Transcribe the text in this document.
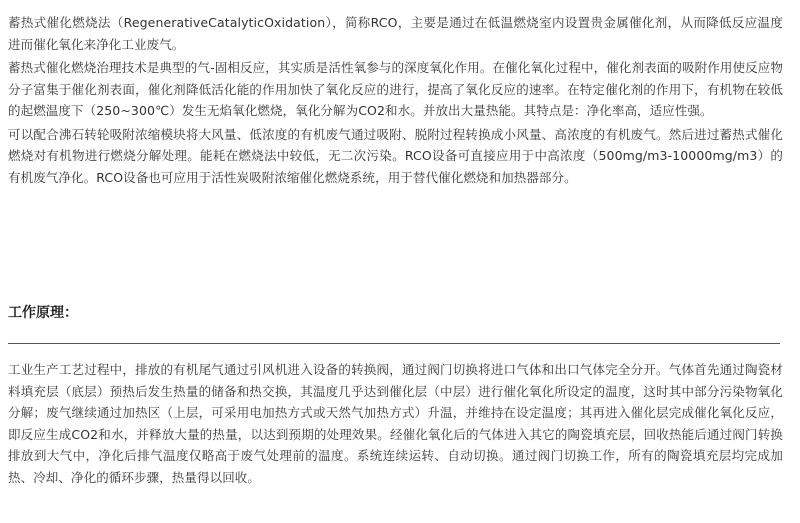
蓄热式催化燃烧法（RegenerativeCatalyticOxidation），简称RCO，主要是通过在低温燃烧室内设置贵金属催化剂，从而降低反应温度进而催化氧化来净化工业废气。

蓄热式催化燃烧治理技术是典型的气-固相反应，其实质是活性氧参与的深度氧化作用。在催化氧化过程中，催化剂表面的吸附作用使反应物分子富集于催化剂表面，催化剂降低活化能的作用加快了氧化反应的进行，提高了氧化反应的速率。在特定催化剂的作用下，有机物在较低的起燃温度下（250~300℃）发生无焰氧化燃烧，氧化分解为CO2和水。并放出大量热能。其特点是：净化率高，适应性强。

可以配合沸石转轮吸附浓缩模块将大风量、低浓度的有机废气通过吸附、脱附过程转换成小风量、高浓度的有机废气。然后进过蓄热式催化燃烧对有机物进行燃烧分解处理。能耗在燃烧法中较低，无二次污染。RCO设备可直接应用于中高浓度（500mg/m3-10000mg/m3）的有机废气净化。RCO设备也可应用于活性炭吸附浓缩催化燃烧系统，用于替代催化燃烧和加热器部分。

工作原理：

工业生产工艺过程中，排放的有机尾气通过引风机进入设备的转换阀，通过阀门切换将进口气体和出口气体完全分开。气体首先通过陶瓷材料填充层（底层）预热后发生热量的储备和热交换，其温度几乎达到催化层（中层）进行催化氧化所设定的温度，这时其中部分污染物氧化分解；废气继续通过加热区（上层，可采用电加热方式或天然气加热方式）升温，并维持在设定温度；其再进入催化层完成催化氧化反应，即反应生成CO2和水，并释放大量的热量，以达到预期的处理效果。经催化氧化后的气体进入其它的陶瓷填充层，回收热能后通过阀门转换排放到大气中，净化后排气温度仅略高于废气处理前的温度。系统连续运转、自动切换。通过阀门切换工作，所有的陶瓷填充层均完成加热、冷却、净化的循环步骤，热量得以回收。
